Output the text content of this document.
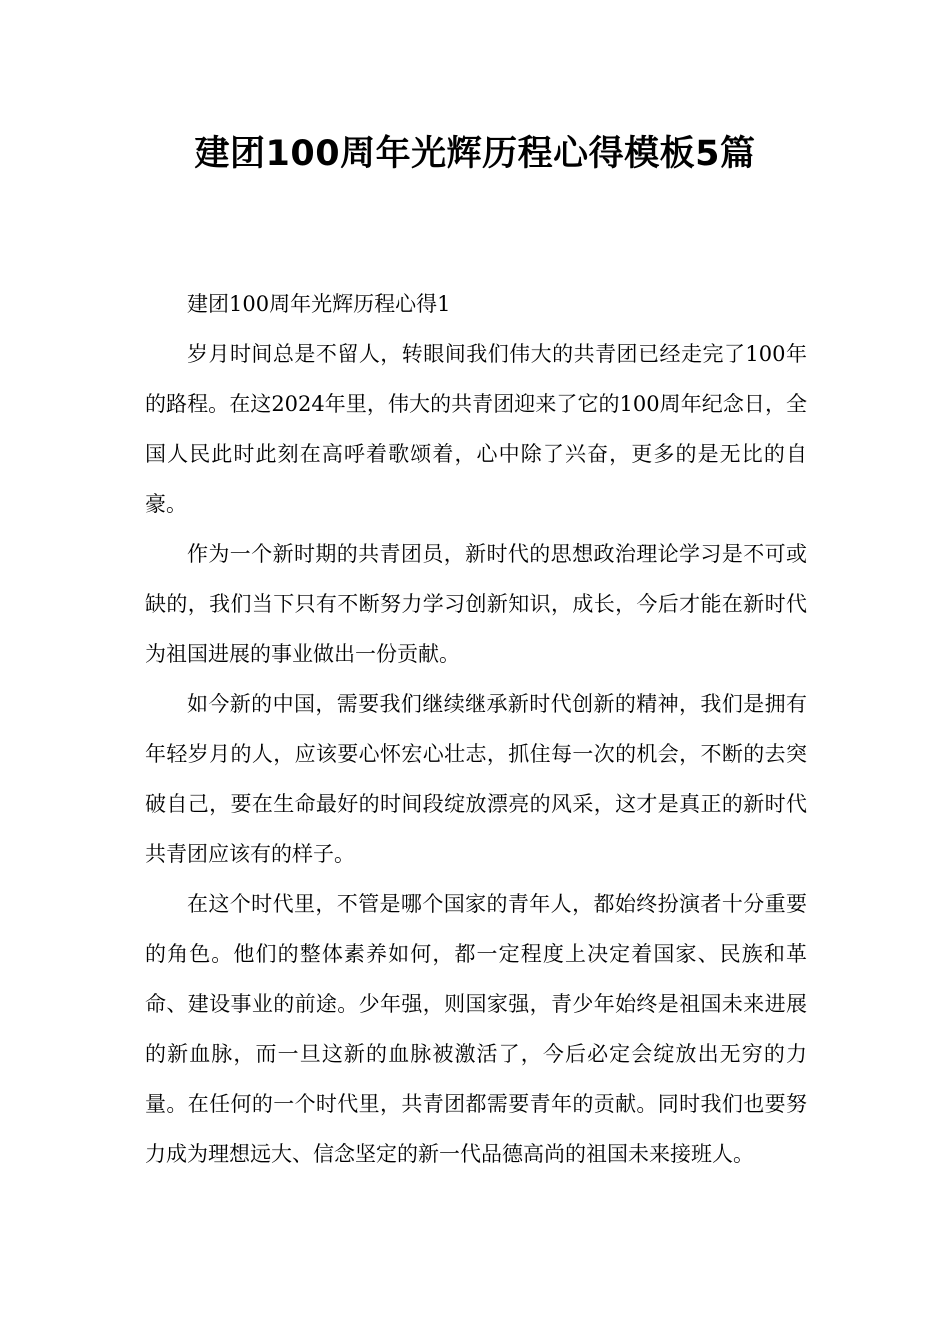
建团100周年光辉历程心得模板5篇

建团100周年光辉历程心得1

岁月时间总是不留人，转眼间我们伟大的共青团已经走完了100年的路程。在这2024年里，伟大的共青团迎来了它的100周年纪念日，全国人民此时此刻在高呼着歌颂着，心中除了兴奋，更多的是无比的自豪。

作为一个新时期的共青团员，新时代的思想政治理论学习是不可或缺的，我们当下只有不断努力学习创新知识，成长，今后才能在新时代为祖国进展的事业做出一份贡献。

如今新的中国，需要我们继续继承新时代创新的精神，我们是拥有年轻岁月的人，应该要心怀宏心壮志，抓住每一次的机会，不断的去突破自己，要在生命最好的时间段绽放漂亮的风采，这才是真正的新时代共青团应该有的样子。

在这个时代里，不管是哪个国家的青年人，都始终扮演者十分重要的角色。他们的整体素养如何，都一定程度上决定着国家、民族和革命、建设事业的前途。少年强，则国家强，青少年始终是祖国未来进展的新血脉，而一旦这新的血脉被激活了，今后必定会绽放出无穷的力量。在任何的一个时代里，共青团都需要青年的贡献。同时我们也要努力成为理想远大、信念坚定的新一代品德高尚的祖国未来接班人。
